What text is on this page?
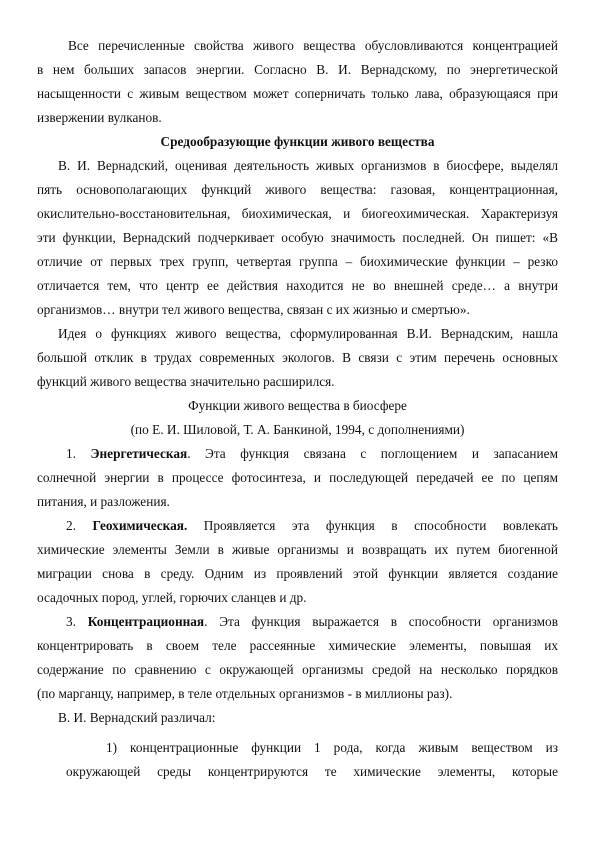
Все перечисленные свойства живого вещества обусловливаются концентрацией
в нем больших запасов энергии. Согласно В. И. Вернадскому, по энергетической
насыщенности с живым веществом может соперничать только лава, образующаяся при
извержении вулканов.
Средообразующие функции живого вещества
В. И. Вернадский, оценивая деятельность живых организмов в биосфере, выделял
пять основополагающих функций живого вещества: газовая, концентрационная,
окислительно-восстановительная, биохимическая, и биогеохимическая. Характеризуя
эти функции, Вернадский подчеркивает особую значимость последней. Он пишет: «В
отличие от первых трех групп, четвертая группа – биохимические функции – резко
отличается тем, что центр ее действия находится не во внешней среде… а внутри
организмов… внутри тел живого вещества, связан с их жизнью и смертью».
Идея о функциях живого вещества, сформулированная В.И. Вернадским, нашла
большой отклик в трудах современных экологов. В связи с этим перечень основных
функций живого вещества значительно расширился.
Функции живого вещества в биосфере
(по Е. И. Шиловой, Т. А. Банкиной, 1994, с дополнениями)
1. Энергетическая. Эта функция связана с поглощением и запасанием
солнечной энергии в процессе фотосинтеза, и последующей передачей ее по цепям
питания, и разложения.
2. Геохимическая. Проявляется эта функция в способности вовлекать
химические элементы Земли в живые организмы и возвращать их путем биогенной
миграции снова в среду. Одним из проявлений этой функции является создание
осадочных пород, углей, горючих сланцев и др.
3. Концентрационная. Эта функция выражается в способности организмов
концентрировать в своем теле рассеянные химические элементы, повышая их
содержание по сравнению с окружающей организмы средой на несколько порядков
(по марганцу, например, в теле отдельных организмов - в миллионы раз).
В. И. Вернадский различал:
1) концентрационные функции 1 рода, когда живым веществом из
окружающей среды концентрируются те химические элементы, которые
